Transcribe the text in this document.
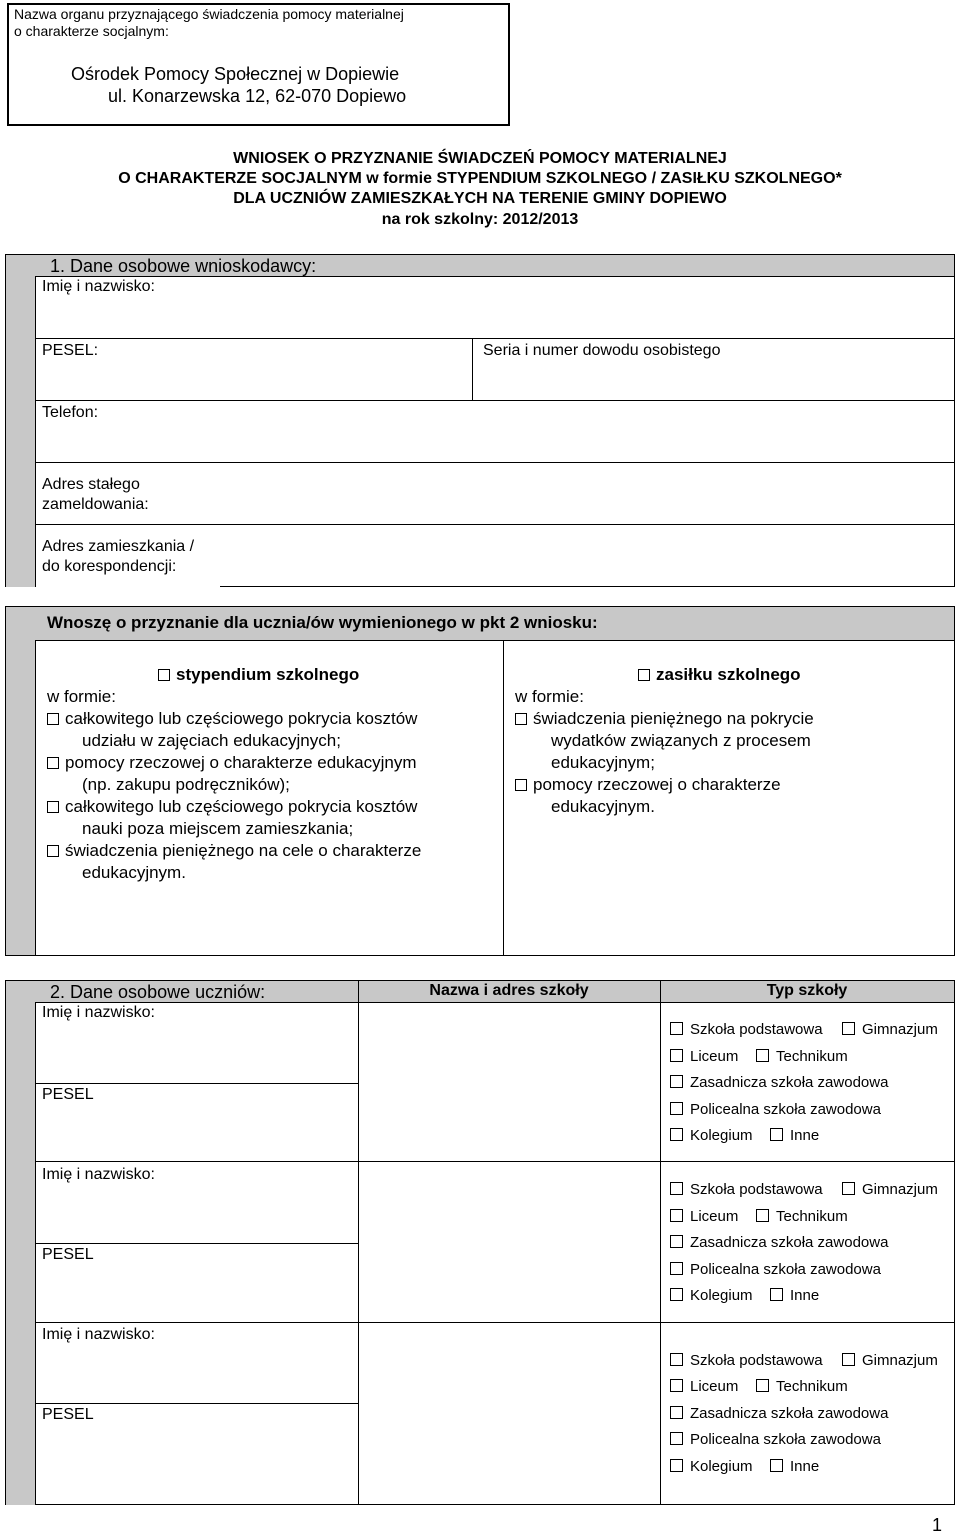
Nazwa organu przyznającego świadczenia pomocy materialnej
o charakterze socjalnym:
Ośrodek Pomocy Społecznej w Dopiewie
ul. Konarzewska 12, 62-070 Dopiewo
WNIOSEK O PRZYZNANIE ŚWIADCZEŃ POMOCY MATERIALNEJ
O CHARAKTERZE SOCJALNYM w formie STYPENDIUM SZKOLNEGO / ZASIŁKU SZKOLNEGO*
DLA UCZNIÓW ZAMIESZKAŁYCH NA TERENIE GMINY DOPIEWO
na rok szkolny: 2012/2013
1. Dane osobowe wnioskodawcy:
Imię i nazwisko:
PESEL:	Seria i numer dowodu osobistego
Telefon:
Adres stałego
zameldowania:
Adres zamieszkania /
do korespondencji:
Wnoszę o przyznanie dla ucznia/ów wymienionego w pkt 2 wniosku:
stypendium szkolnego
w formie:
całkowitego lub częściowego pokrycia kosztów
udziału w zajęciach edukacyjnych;
pomocy rzeczowej o charakterze edukacyjnym
(np. zakupu podręczników);
całkowitego lub częściowego pokrycia kosztów
nauki poza miejscem zamieszkania;
świadczenia pieniężnego na cele o charakterze
edukacyjnym.
zasiłku szkolnego
w formie:
świadczenia pieniężnego na pokrycie
wydatków związanych z procesem
edukacyjnym;
pomocy rzeczowej o charakterze
edukacyjnym.
2. Dane osobowe uczniów:	Nazwa i adres szkoły	Typ szkoły
Imię i nazwisko:
PESEL
Szkoła podstawowa	Gimnazjum
Liceum	Technikum
Zasadnicza szkoła zawodowa
Policealna szkoła zawodowa
Kolegium	Inne
Imię i nazwisko:
PESEL
Szkoła podstawowa	Gimnazjum
Liceum	Technikum
Zasadnicza szkoła zawodowa
Policealna szkoła zawodowa
Kolegium	Inne
Imię i nazwisko:
PESEL
Szkoła podstawowa	Gimnazjum
Liceum	Technikum
Zasadnicza szkoła zawodowa
Policealna szkoła zawodowa
Kolegium	Inne
1
